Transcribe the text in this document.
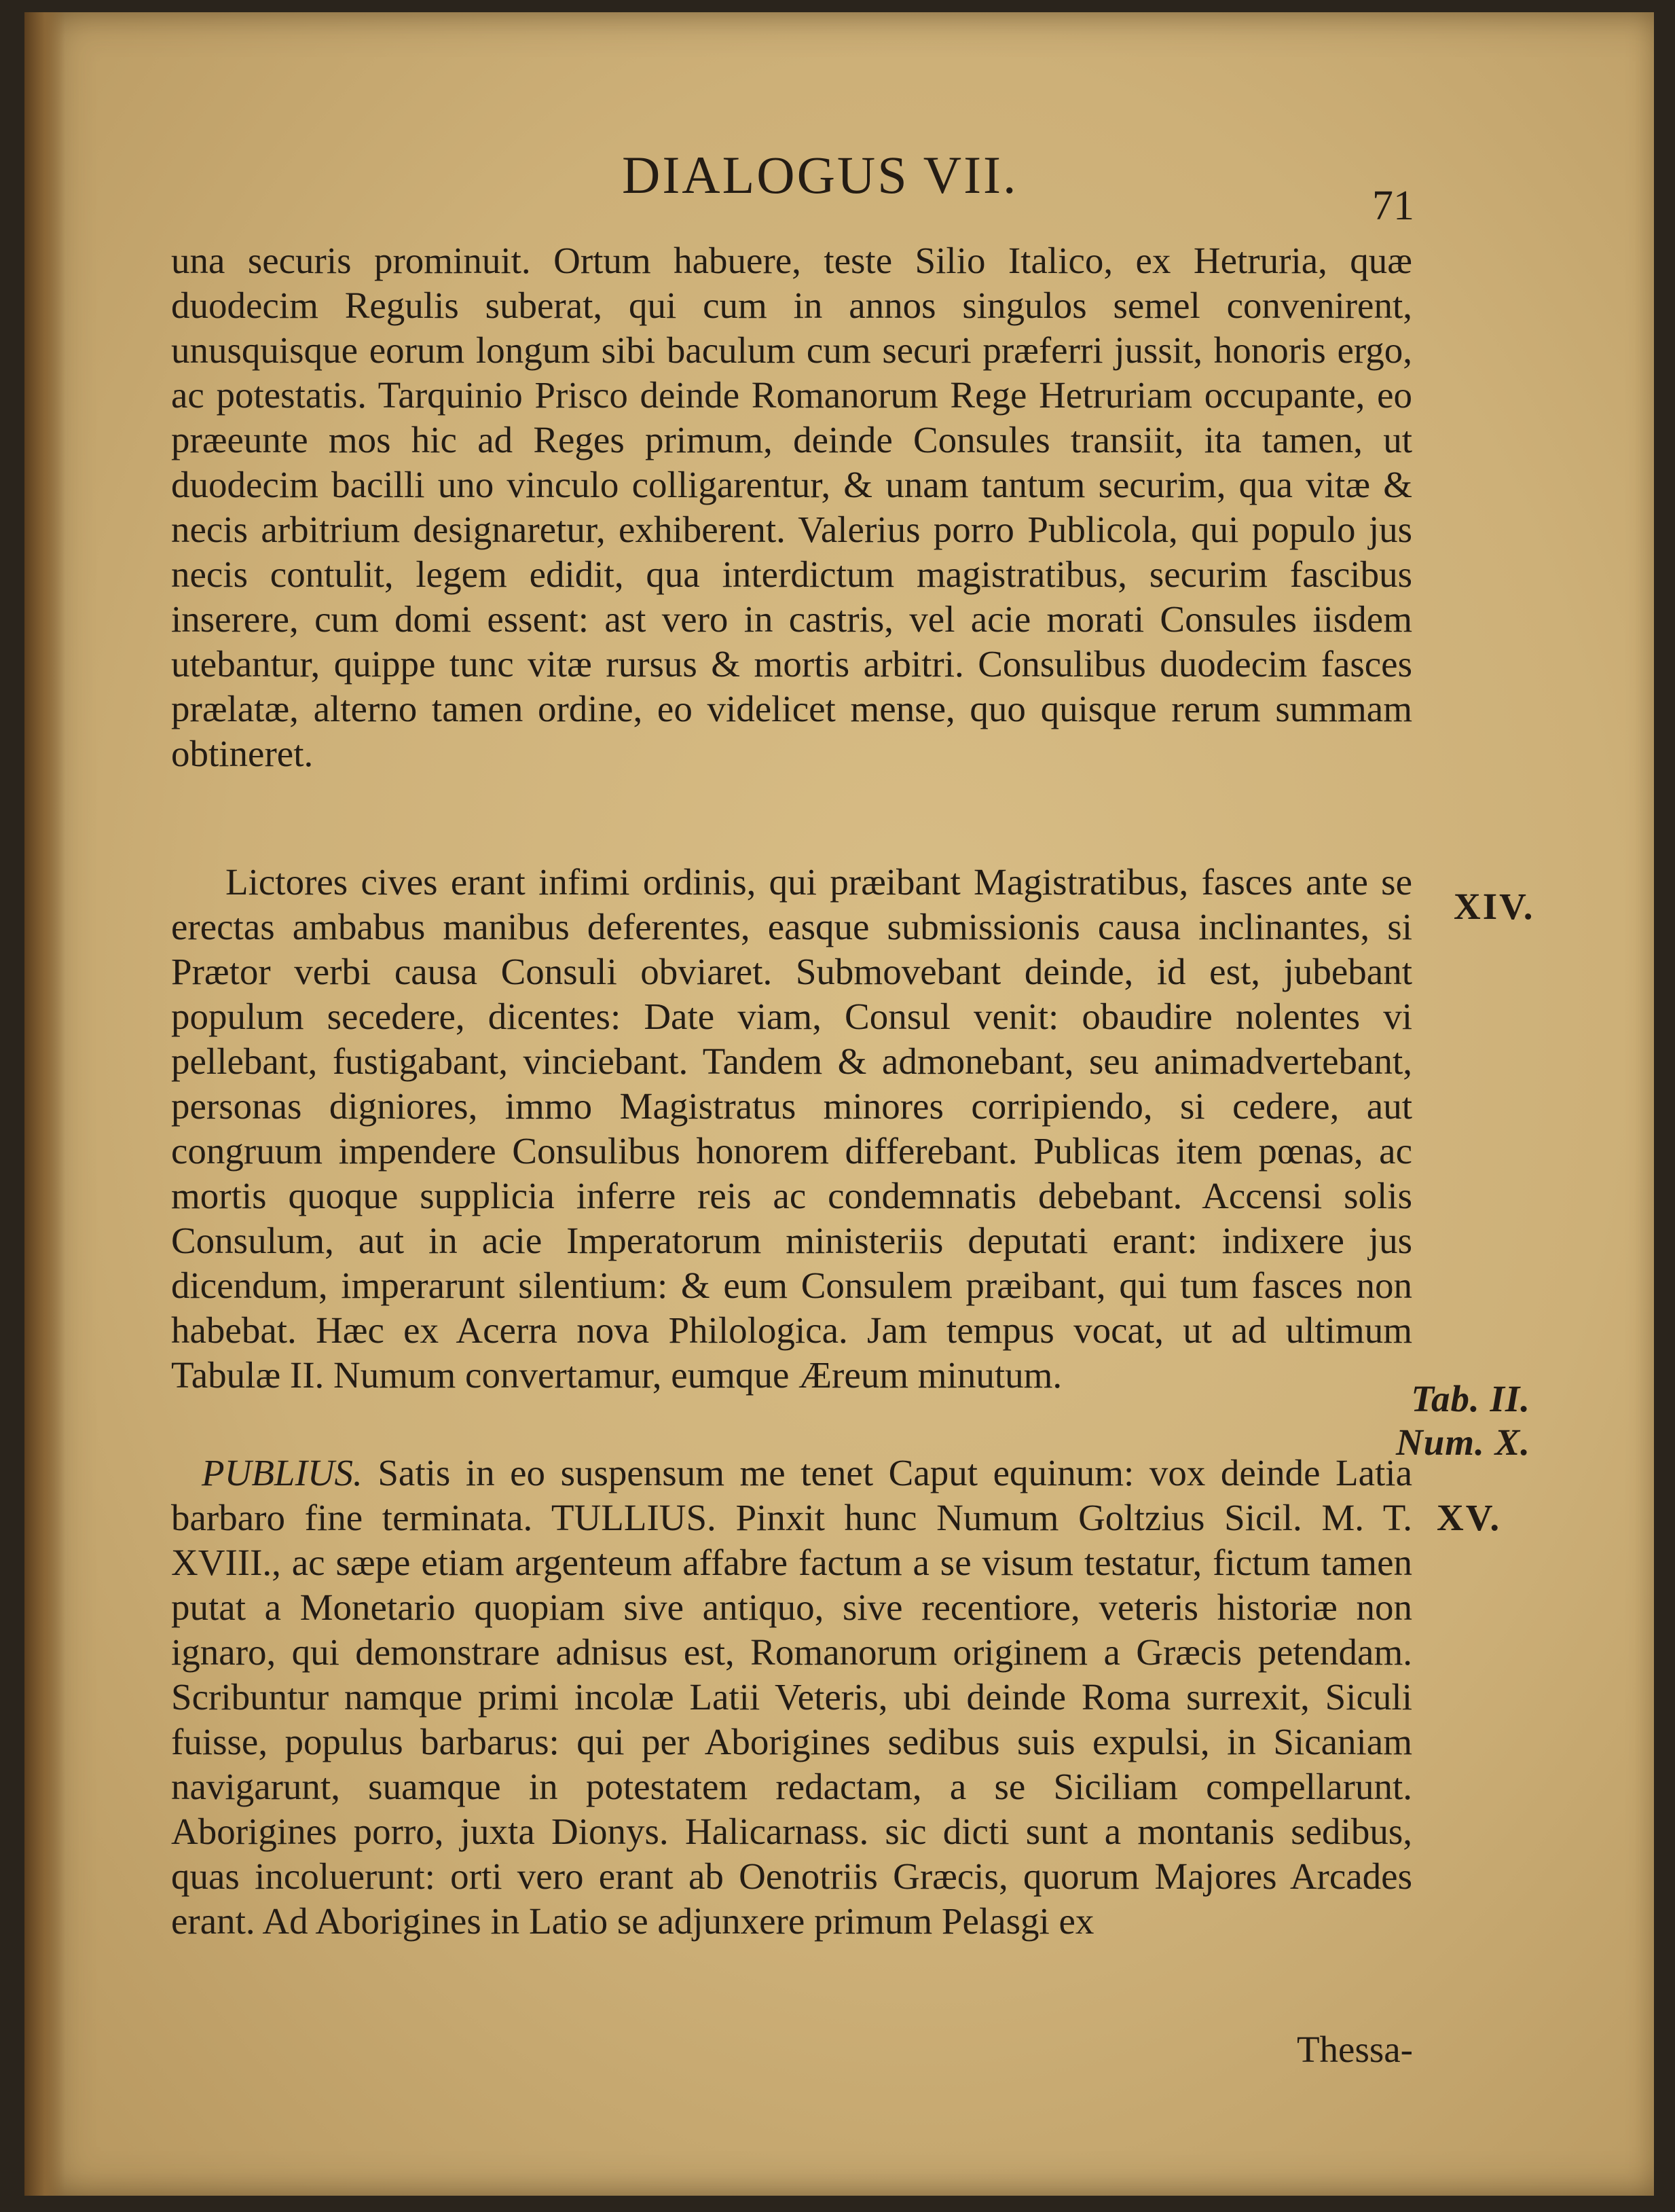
DIALOGUS VII.
71

una securis prominuit. Ortum habuere, teste Silio Italico, ex Hetruria, quæ duodecim Regulis suberat, qui cum in annos singulos semel convenirent, unusquisque eorum longum sibi baculum cum securi præferri jussit, honoris ergo, ac potestatis. Tarquinio Prisco deinde Romanorum Rege Hetruriam occupante, eo præeunte mos hic ad Reges primum, deinde Consules transiit, ita tamen, ut duodecim bacilli uno vinculo colligarentur, & unam tantum securim, qua vitæ & necis arbitrium designaretur, exhiberent. Valerius porro Publicola, qui populo jus necis contulit, legem edidit, qua interdictum magistratibus, securim fascibus inserere, cum domi essent: ast vero in castris, vel acie morati Consules iisdem utebantur, quippe tunc vitæ rursus & mortis arbitri. Consulibus duodecim fasces prælatæ, alterno tamen ordine, eo videlicet mense, quo quisque rerum summam obtineret.

Lictores cives erant infimi ordinis, qui præibant Magistratibus, fasces ante se erectas ambabus manibus deferentes, easque submissionis causa inclinantes, si Prætor verbi causa Consuli obviaret. Submovebant deinde, id est, jubebant populum secedere, dicentes: Date viam, Consul venit: obaudire nolentes vi pellebant, fustigabant, vinciebant. Tandem & admonebant, seu animadvertebant, personas digniores, immo Magistratus minores corripiendo, si cedere, aut congruum impendere Consulibus honorem differebant. Publicas item pœnas, ac mortis quoque supplicia inferre reis ac condemnatis debebant. Accensi solis Consulum, aut in acie Imperatorum ministeriis deputati erant: indixere jus dicendum, imperarunt silentium: & eum Consulem præibant, qui tum fasces non habebat. Hæc ex Acerra nova Philologica. Jam tempus vocat, ut ad ultimum Tabulæ II. Numum convertamur, eumque Æreum minutum.

PUBLIUS. Satis in eo suspensum me tenet Caput equinum: vox deinde Latia barbaro fine terminata. TULLIUS. Pinxit hunc Numum Goltzius Sicil. M. T. XVIII., ac sæpe etiam argenteum affabre factum a se visum testatur, fictum tamen putat a Monetario quopiam sive antiquo, sive recentiore, veteris historiæ non ignaro, qui demonstrare adnisus est, Romanorum originem a Græcis petendam. Scribuntur namque primi incolæ Latii Veteris, ubi deinde Roma surrexit, Siculi fuisse, populus barbarus: qui per Aborigines sedibus suis expulsi, in Sicaniam navigarunt, suamque in potestatem redactam, a se Siciliam compellarunt. Aborigines porro, juxta Dionys. Halicarnass. sic dicti sunt a montanis sedibus, quas incoluerunt: orti vero erant ab Oenotriis Græcis, quorum Majores Arcades erant. Ad Aborigines in Latio se adjunxere primum Pelasgi ex

Thessa-
XIV.
Tab. II.
Num. X.
XV.
